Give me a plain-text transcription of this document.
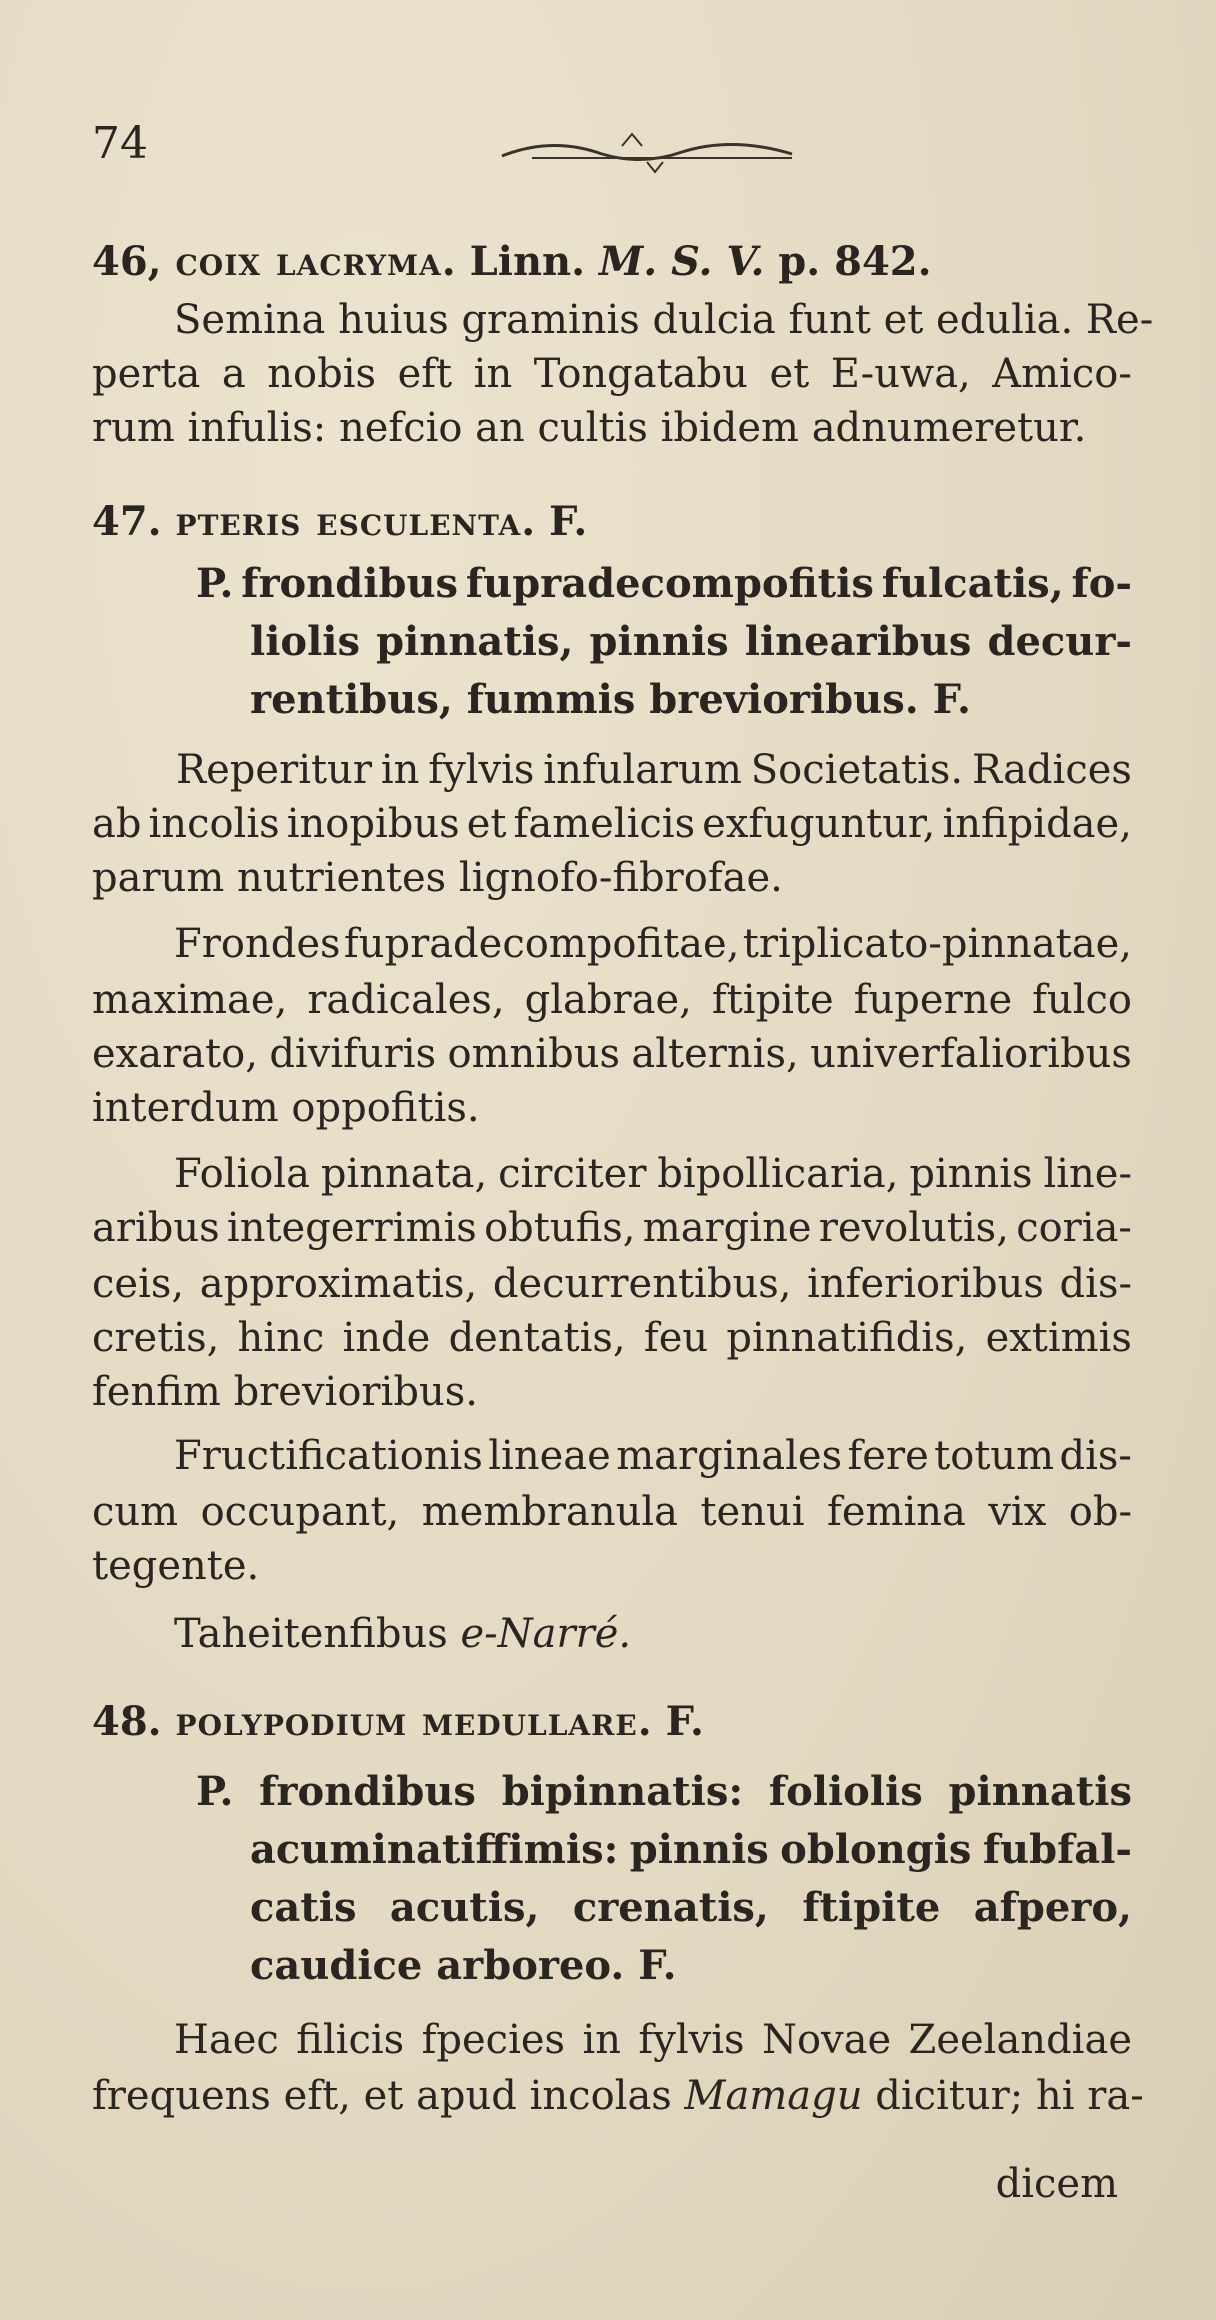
74
46, coix lacryma. Linn. M. S. V. p. 842.
Semina huius graminis dulcia funt et edulia. Re-
perta a nobis eft in Tongatabu et E-uwa, Amico-
rum infulis: nefcio an cultis ibidem adnumeretur.
47. pteris esculenta. F.
P. frondibus fupradecompofitis fulcatis, fo-
liolis pinnatis, pinnis linearibus decur-
rentibus, fummis brevioribus. F.
Reperitur in fylvis infularum Societatis. Radices
ab incolis inopibus et famelicis exfuguntur, infipidae,
parum nutrientes lignofo-fibrofae.
Frondes fupradecompofitae, triplicato-pinnatae,
maximae, radicales, glabrae, ftipite fuperne fulco
exarato, divifuris omnibus alternis, univerfalioribus
interdum oppofitis.
Foliola pinnata, circiter bipollicaria, pinnis line-
aribus integerrimis obtufis, margine revolutis, coria-
ceis, approximatis, decurrentibus, inferioribus dis-
cretis, hinc inde dentatis, feu pinnatifidis, extimis
fenfim brevioribus.
Fructificationis lineae marginales fere totum dis-
cum occupant, membranula tenui femina vix ob-
tegente.
Taheitenfibus e-Narré.
48. polypodium medullare. F.
P. frondibus bipinnatis: foliolis pinnatis
acuminatiffimis: pinnis oblongis fubfal-
catis acutis, crenatis, ftipite afpero,
caudice arboreo. F.
Haec filicis fpecies in fylvis Novae Zeelandiae
frequens eft, et apud incolas Mamagu dicitur; hi ra-
dicem
